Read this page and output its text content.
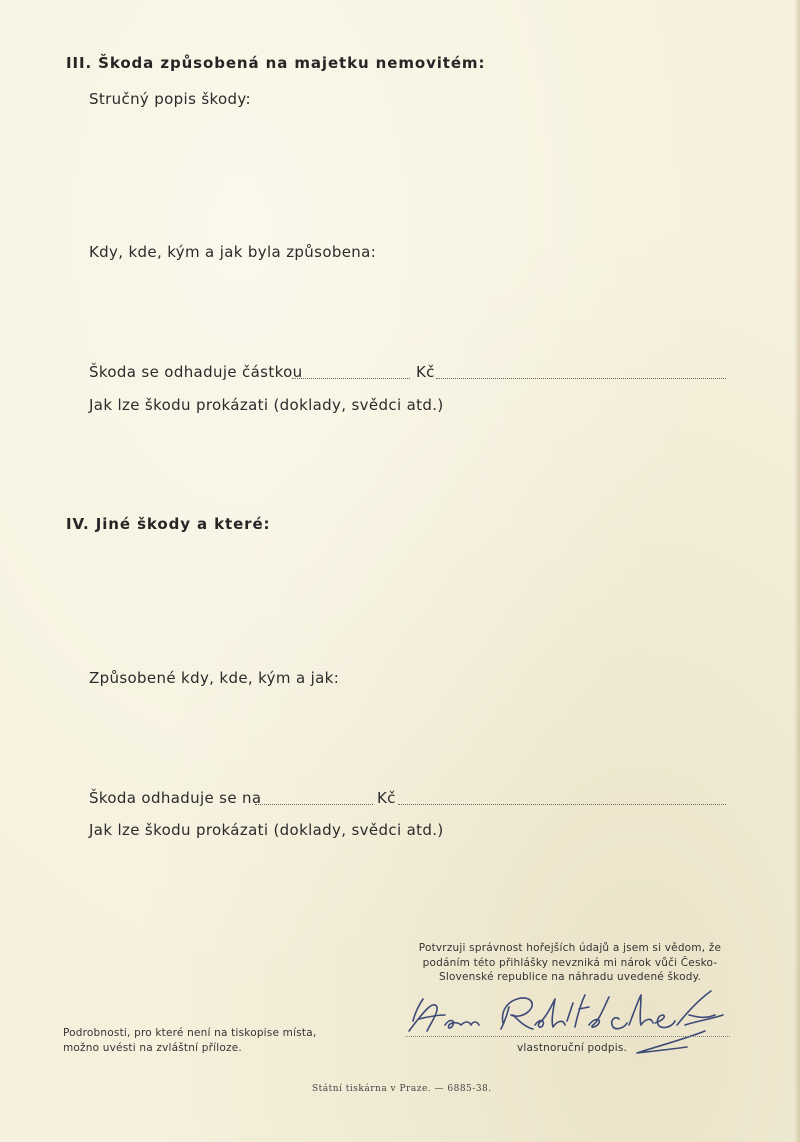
III. Škoda způsobená na majetku nemovitém:
Stručný popis škody:
Kdy, kde, kým a jak byla způsobena:
Škoda se odhaduje částkou	Kč
Jak lze škodu prokázati (doklady, svědci atd.)
IV. Jiné škody a které:
Způsobené kdy, kde, kým a jak:
Škoda odhaduje se na	Kč
Jak lze škodu prokázati (doklady, svědci atd.)
Potvrzuji správnost hořejších údajů a jsem si vědom, že
podáním této přihlášky nevzniká mi nárok vůči Česko-
Slovenské republice na náhradu uvedené škody.
Podrobnosti, pro které není na tiskopise místa,
možno uvésti na zvláštní příloze.	vlastnoruční podpis.
Státní tiskárna v Praze. — 6885-38.
